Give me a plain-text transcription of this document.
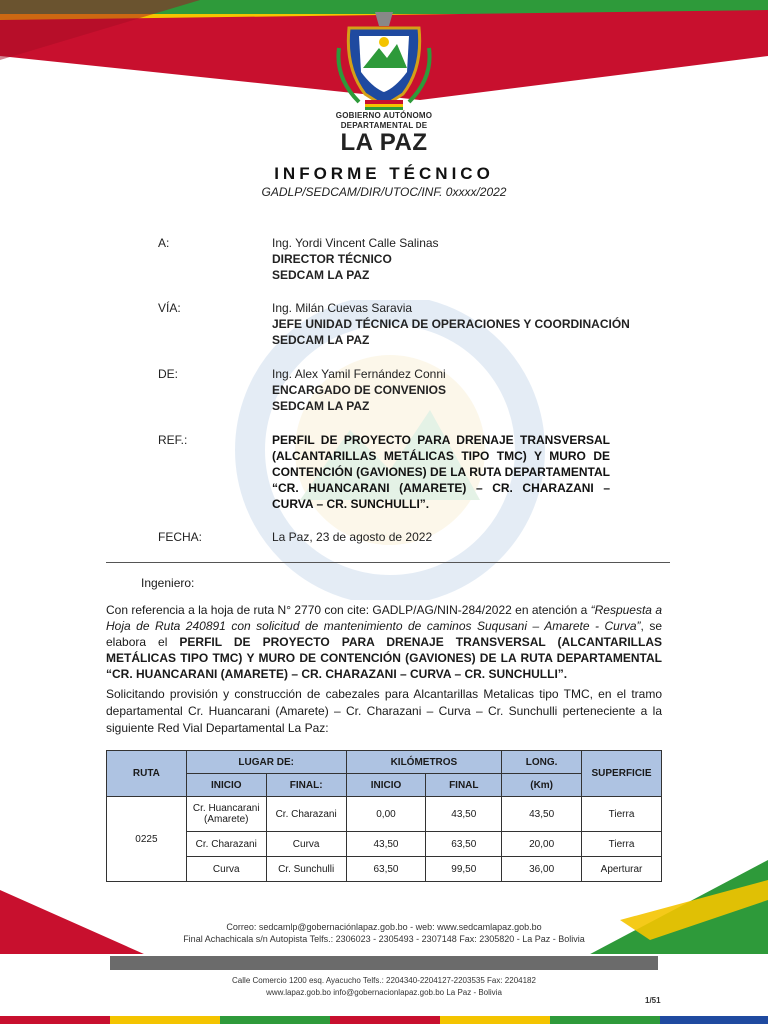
GOBIERNO AUTÓNOMO
DEPARTAMENTAL DE
LA PAZ
INFORME TÉCNICO
GADLP/SEDCAM/DIR/UTOC/INF. 0xxxx/2022
A:	Ing. Yordi Vincent Calle Salinas
DIRECTOR TÉCNICO
SEDCAM LA PAZ
VÍA:	Ing. Milán Cuevas Saravia
JEFE UNIDAD TÉCNICA DE OPERACIONES Y COORDINACIÓN
SEDCAM LA PAZ
DE:	Ing. Alex Yamil Fernández Conni
ENCARGADO DE CONVENIOS
SEDCAM LA PAZ
REF.:	PERFIL DE PROYECTO PARA DRENAJE TRANSVERSAL (ALCANTARILLAS METÁLICAS TIPO TMC) Y MURO DE CONTENCIÓN (GAVIONES) DE LA RUTA DEPARTAMENTAL “CR. HUANCARANI (AMARETE) – CR. CHARAZANI – CURVA – CR. SUNCHULLI”.
FECHA:	La Paz, 23 de agosto de 2022
Ingeniero:
Con referencia a la hoja de ruta N° 2770 con cite: GADLP/AG/NIN-284/2022 en atención a “Respuesta a Hoja de Ruta 240891 con solicitud de mantenimiento de caminos Suqusani – Amarete - Curva”, se elabora el PERFIL DE PROYECTO PARA DRENAJE TRANSVERSAL (ALCANTARILLAS METÁLICAS TIPO TMC) Y MURO DE CONTENCIÓN (GAVIONES) DE LA RUTA DEPARTAMENTAL “CR. HUANCARANI (AMARETE) – CR. CHARAZANI – CURVA – CR. SUNCHULLI”.
Solicitando provisión y construcción de cabezales para Alcantarillas Metalicas tipo TMC, en el tramo departamental Cr. Huancarani (Amarete) – Cr. Charazani – Curva – Cr. Sunchulli perteneciente a la siguiente Red Vial Departamental La Paz:
RUTA	LUGAR DE:		KILÓMETROS		LONG.	SUPERFICIE
	INICIO	FINAL:	INICIO	FINAL	(Km)	
0225	Cr. Huancarani (Amarete)	Cr. Charazani	0,00	43,50	43,50	Tierra
	Cr. Charazani	Curva	43,50	63,50	20,00	Tierra
	Curva	Cr. Sunchulli	63,50	99,50	36,00	Aperturar
Correo: sedcamlp@gobernaciónlapaz.gob.bo - web: www.sedcamlapaz.gob.bo
Final Achachicala s/n Autopista Telfs.: 2306023 - 2305493 - 2307148 Fax: 2305820 - La Paz - Bolivia
Calle Comercio 1200 esq. Ayacucho Telfs.: 2204340-2204127-2203535 Fax: 2204182
www.lapaz.gob.bo info@gobernacionlapaz.gob.bo La Paz - Bolivia
1/51
